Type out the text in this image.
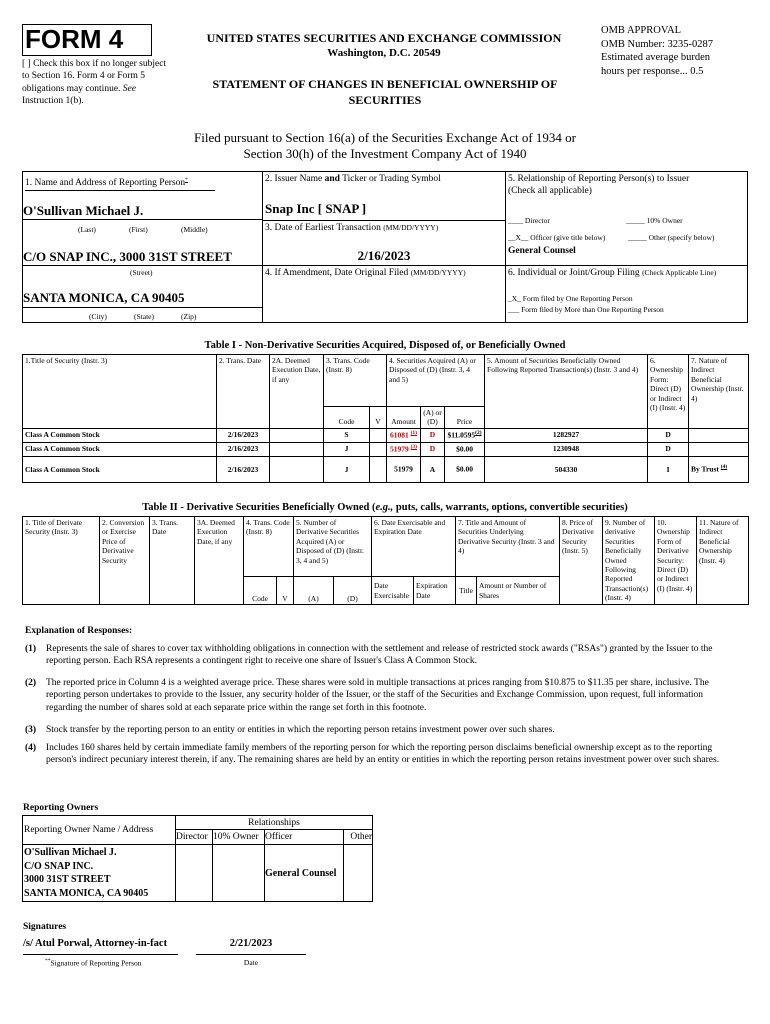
FORM 4
[ ] Check this box if no longer subject to Section 16. Form 4 or Form 5 obligations may continue. See Instruction 1(b).
UNITED STATES SECURITIES AND EXCHANGE COMMISSION
Washington, D.C. 20549
STATEMENT OF CHANGES IN BENEFICIAL OWNERSHIP OF SECURITIES
OMB APPROVAL
OMB Number: 3235-0287
Estimated average burden
hours per response... 0.5
Filed pursuant to Section 16(a) of the Securities Exchange Act of 1934 or Section 30(h) of the Investment Company Act of 1940
1. Name and Address of Reporting Person*
O'Sullivan Michael J.
(Last)	(First)	(Middle)
C/O SNAP INC., 3000 31ST STREET
(Street)
SANTA MONICA, CA 90405
(City)	(State)	(Zip)
2. Issuer Name and Ticker or Trading Symbol
Snap Inc [ SNAP ]
3. Date of Earliest Transaction (MM/DD/YYYY)
2/16/2023
4. If Amendment, Date Original Filed (MM/DD/YYYY)
5. Relationship of Reporting Person(s) to Issuer
(Check all applicable)
____ Director	_____ 10% Owner
__X__ Officer (give title below)	_____ Other (specify below)
General Counsel
6. Individual or Joint/Group Filing (Check Applicable Line)
_X_ Form filed by One Reporting Person
___ Form filed by More than One Reporting Person
Table I - Non-Derivative Securities Acquired, Disposed of, or Beneficially Owned
1.Title of Security (Instr. 3)	2. Trans. Date	2A. Deemed Execution Date, if any	3. Trans. Code (Instr. 8)		4. Securities Acquired (A) or Disposed of (D) (Instr. 3, 4 and 5)			5. Amount of Securities Beneficially Owned Following Reported Transaction(s) (Instr. 3 and 4)	6. Ownership Form: Direct (D) or Indirect (I) (Instr. 4)	7. Nature of Indirect Beneficial Ownership (Instr. 4)
			Code	V	Amount	(A) or (D)	Price			
Class A Common Stock	2/16/2023		S		61081 $^{(1)}$	D	$11.0595$^{(2)}$	1282927	D	
Class A Common Stock	2/16/2023		J		51979 $^{(3)}$	D	$0.00	1230948	D	
Class A Common Stock	2/16/2023		J		51979	A	$0.00	504330	I	By Trust $^{(4)}$
Table II - Derivative Securities Beneficially Owned (e.g., puts, calls, warrants, options, convertible securities)
1. Title of Derivate Security (Instr. 3)	2. Conversion or Exercise Price of Derivative Security	3. Trans. Date	3A. Deemed Execution Date, if any	4. Trans. Code (Instr. 8)		5. Number of Derivative Securities Acquired (A) or Disposed of (D) (Instr. 3, 4 and 5)		6. Date Exercisable and Expiration Date		7. Title and Amount of Securities Underlying Derivative Security (Instr. 3 and 4)		8. Price of Derivative Security (Instr. 5)	9. Number of derivative Securities Beneficially Owned Following Reported Transaction(s) (Instr. 4)	10. Ownership Form of Derivative Security: Direct (D) or Indirect (I) (Instr. 4)	11. Nature of Indirect Beneficial Ownership (Instr. 4)
				Code	V	(A)	(D)	Date Exercisable	Expiration Date	Title	Amount or Number of Shares				
Explanation of Responses:
(1) Represents the sale of shares to cover tax withholding obligations in connection with the settlement and release of restricted stock awards ("RSAs") granted by the Issuer to the reporting person. Each RSA represents a contingent right to receive one share of Issuer's Class A Common Stock.
(2) The reported price in Column 4 is a weighted average price. These shares were sold in multiple transactions at prices ranging from $10.875 to $11.35 per share, inclusive. The reporting person undertakes to provide to the Issuer, any security holder of the Issuer, or the staff of the Securities and Exchange Commission, upon request, full information regarding the number of shares sold at each separate price within the range set forth in this footnote.
(3) Stock transfer by the reporting person to an entity or entities in which the reporting person retains investment power over such shares.
(4) Includes 160 shares held by certain immediate family members of the reporting person for which the reporting person disclaims beneficial ownership except as to the reporting person's indirect pecuniary interest therein, if any. The remaining shares are held by an entity or entities in which the reporting person retains investment power over such shares.
Reporting Owners
Reporting Owner Name / Address	Relationships			
	Director	10% Owner	Officer	Other

O'Sullivan Michael J.
C/O SNAP INC.
3000 31ST STREET
SANTA MONICA, CA 90405			General Counsel	
Signatures
/s/ Atul Porwal, Attorney-in-fact	2/21/2023
**Signature of Reporting Person	Date
